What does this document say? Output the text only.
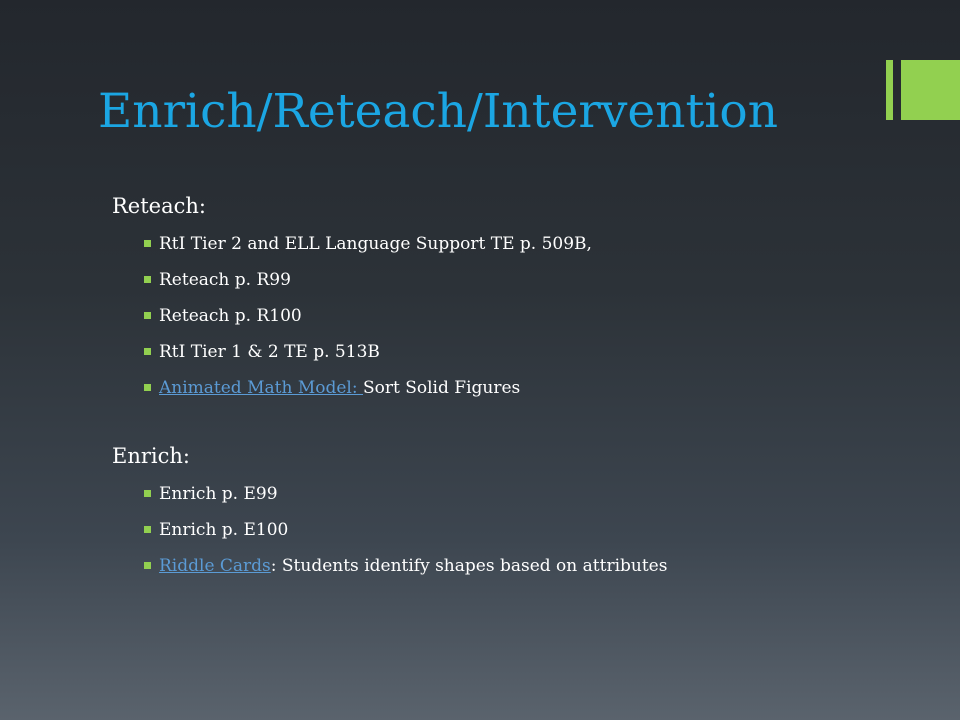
Enrich/Reteach/Intervention

Reteach:

RtI Tier 2 and ELL Language Support TE p. 509B,
Reteach p. R99
Reteach p. R100
RtI Tier 1 & 2 TE p. 513B
Animated Math Model: Sort Solid Figures

Enrich:

Enrich p. E99
Enrich p. E100
Riddle Cards: Students identify shapes based on attributes
